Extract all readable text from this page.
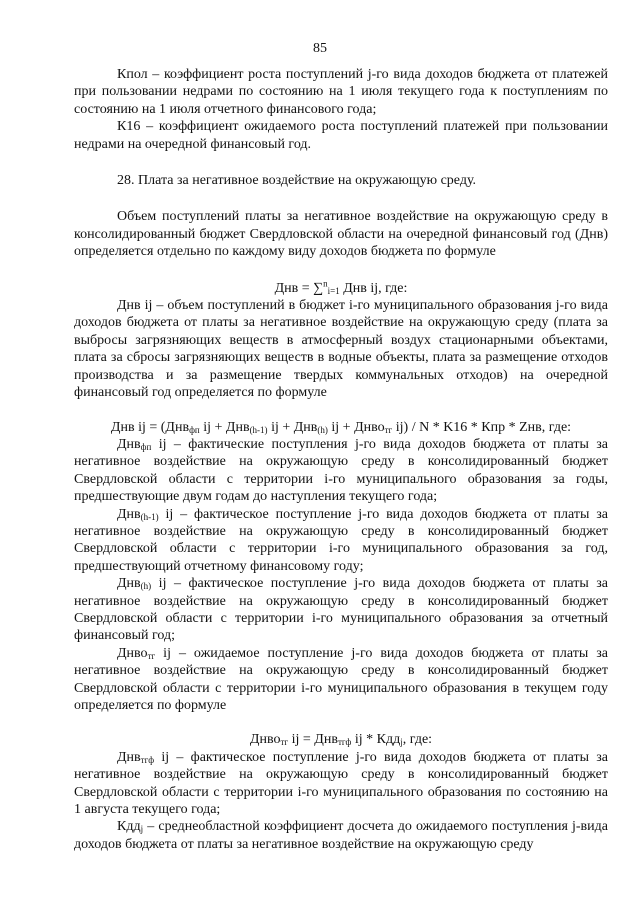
85

Кпол – коэффициент роста поступлений j-го вида доходов бюджета от платежей при пользовании недрами по состоянию на 1 июля текущего года к поступлениям по состоянию на 1 июля отчетного финансового года;

К16 – коэффициент ожидаемого роста поступлений платежей при пользовании недрами на очередной финансовый год.

28. Плата за негативное воздействие на окружающую среду.

Объем поступлений платы за негативное воздействие на окружающую среду в консолидированный бюджет Свердловской области на очередной финансовый год (Днв) определяется отдельно по каждому виду доходов бюджета по формуле

Днв = ∑$^n_{i=1}$ Днв ij, где:

Днв ij – объем поступлений в бюджет i-го муниципального образования j-го вида доходов бюджета от платы за негативное воздействие на окружающую среду (плата за выбросы загрязняющих веществ в атмосферный воздух стационарными объектами, плата за сбросы загрязняющих веществ в водные объекты, плата за размещение отходов производства и за размещение твердых коммунальных отходов) на очередной финансовый год определяется по формуле

Днв ij = (Днв$_{фп}$ ij + Днв$_{(h-1)}$ ij + Днв$_{(h)}$ ij + Днво$_{тг}$ ij) / N * K16 * Кпр * Zнв, где:

Днв$_{фп}$ ij – фактические поступления j-го вида доходов бюджета от платы за негативное воздействие на окружающую среду в консолидированный бюджет Свердловской области с территории i-го муниципального образования за годы, предшествующие двум годам до наступления текущего года;

Днв$_{(h-1)}$ ij – фактическое поступление j-го вида доходов бюджета от платы за негативное воздействие на окружающую среду в консолидированный бюджет Свердловской области с территории i-го муниципального образования за год, предшествующий отчетному финансовому году;

Днв$_{(h)}$ ij – фактическое поступление j-го вида доходов бюджета от платы за негативное воздействие на окружающую среду в консолидированный бюджет Свердловской области с территории i-го муниципального образования за отчетный финансовый год;

Днво$_{тг}$ ij – ожидаемое поступление j-го вида доходов бюджета от платы за негативное воздействие на окружающую среду в консолидированный бюджет Свердловской области с территории i-го муниципального образования в текущем году определяется по формуле

Днво$_{тг}$ ij = Днв$_{тгф}$ ij * Кдд$_j$, где:

Днв$_{тгф}$ ij – фактическое поступление j-го вида доходов бюджета от платы за негативное воздействие на окружающую среду в консолидированный бюджет Свердловской области с территории i-го муниципального образования по состоянию на 1 августа текущего года;

Кдд$_j$ – среднеобластной коэффициент досчета до ожидаемого поступления j-вида доходов бюджета от платы за негативное воздействие на окружающую среду
